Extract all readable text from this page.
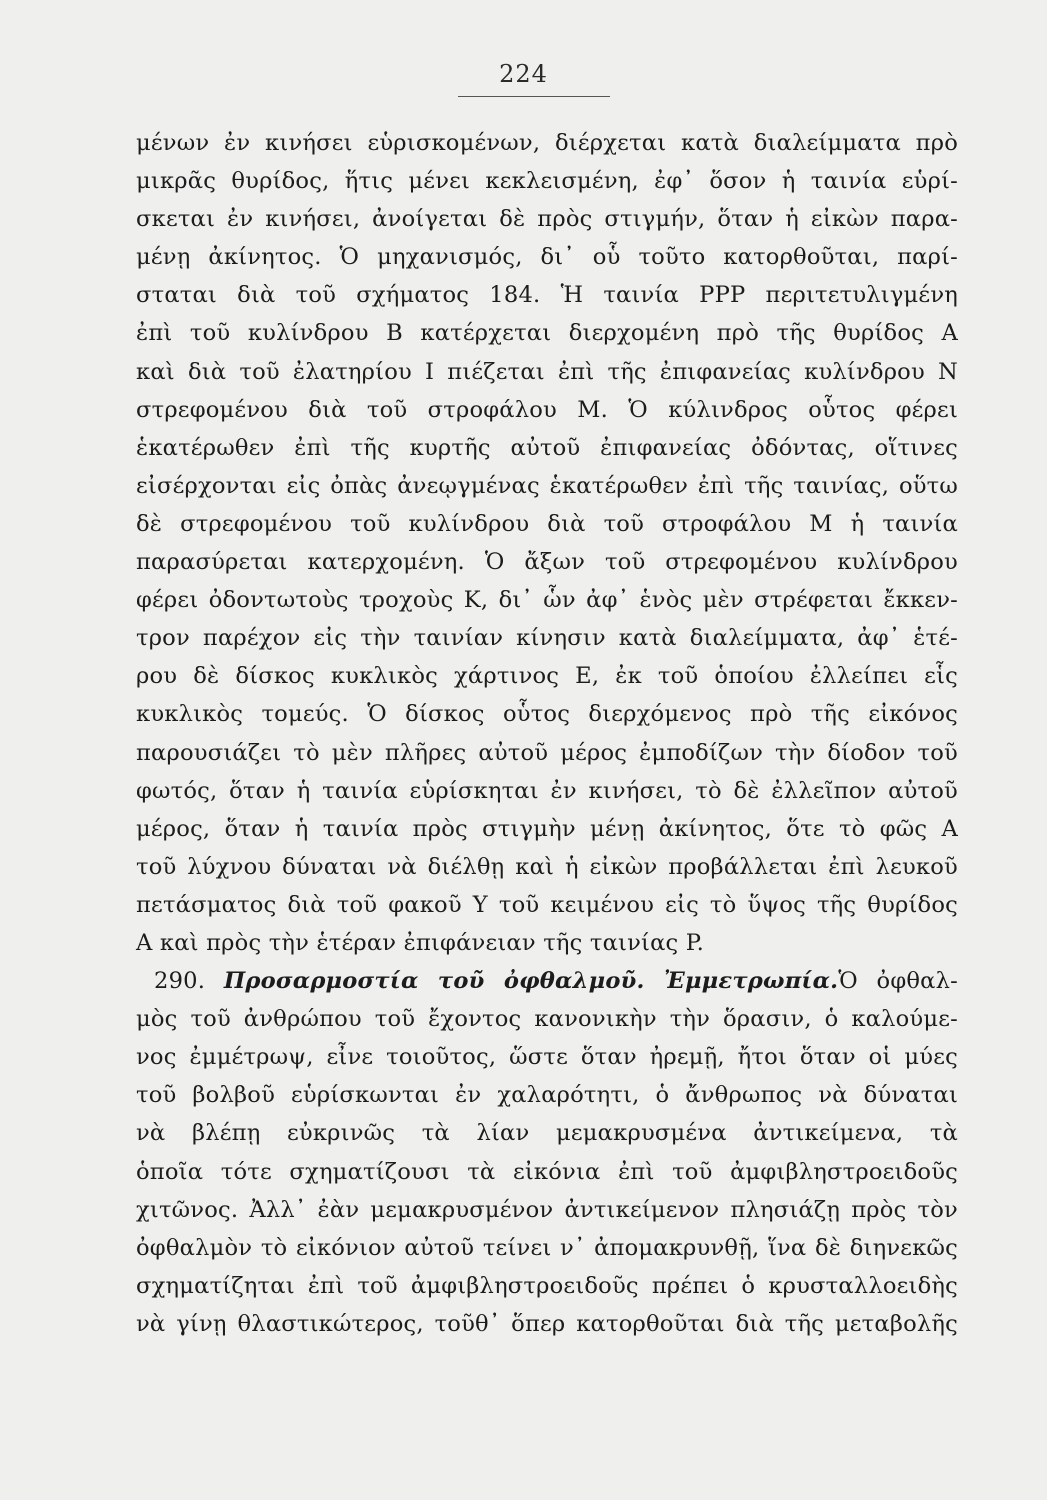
224
μένων ἐν κινήσει εὑρισκομένων, διέρχεται κατὰ διαλείμματα πρὸ
μικρᾶς θυρίδος, ἥτις μένει κεκλεισμένη, ἐφ᾿ ὅσον ἡ ταινία εὑρί-
σκεται ἐν κινήσει, ἀνοίγεται δὲ πρὸς στιγμήν, ὅταν ἡ εἰκὼν παρα-
μένῃ ἀκίνητος. Ὁ μηχανισμός, δι᾿ οὗ τοῦτο κατορθοῦται, παρί-
σταται διὰ τοῦ σχήματος 184. Ἡ ταινία PPP περιτετυλιγμένη
ἐπὶ τοῦ κυλίνδρου B κατέρχεται διερχομένη πρὸ τῆς θυρίδος A
καὶ διὰ τοῦ ἐλατηρίου I πιέζεται ἐπὶ τῆς ἐπιφανείας κυλίνδρου N
στρεφομένου διὰ τοῦ στροφάλου M. Ὁ κύλινδρος οὗτος φέρει
ἑκατέρωθεν ἐπὶ τῆς κυρτῆς αὐτοῦ ἐπιφανείας ὀδόντας, οἵτινες
εἰσέρχονται εἰς ὀπὰς ἀνεῳγμένας ἑκατέρωθεν ἐπὶ τῆς ταινίας, οὕτω
δὲ στρεφομένου τοῦ κυλίνδρου διὰ τοῦ στροφάλου M ἡ ταινία
παρασύρεται κατερχομένη. Ὁ ἄξων τοῦ στρεφομένου κυλίνδρου
φέρει ὀδοντωτοὺς τροχοὺς K, δι᾿ ὧν ἀφ᾿ ἑνὸς μὲν στρέφεται ἔκκεν-
τρον παρέχον εἰς τὴν ταινίαν κίνησιν κατὰ διαλείμματα, ἀφ᾿ ἑτέ-
ρου δὲ δίσκος κυκλικὸς χάρτινος E, ἐκ τοῦ ὁποίου ἐλλείπει εἷς
κυκλικὸς τομεύς. Ὁ δίσκος οὗτος διερχόμενος πρὸ τῆς εἰκόνος
παρουσιάζει τὸ μὲν πλῆρες αὐτοῦ μέρος ἐμποδίζων τὴν δίοδον τοῦ
φωτός, ὅταν ἡ ταινία εὑρίσκηται ἐν κινήσει, τὸ δὲ ἐλλεῖπον αὐτοῦ
μέρος, ὅταν ἡ ταινία πρὸς στιγμὴν μένῃ ἀκίνητος, ὅτε τὸ φῶς A
τοῦ λύχνου δύναται νὰ διέλθῃ καὶ ἡ εἰκὼν προβάλλεται ἐπὶ λευκοῦ
πετάσματος διὰ τοῦ φακοῦ Υ τοῦ κειμένου εἰς τὸ ὕψος τῆς θυρίδος
A καὶ πρὸς τὴν ἑτέραν ἐπιφάνειαν τῆς ταινίας P.
290. Προσαρμοστία τοῦ ὀφθαλμοῦ. Ἐμμετρωπία.Ὁ ὀφθαλ-
μὸς τοῦ ἀνθρώπου τοῦ ἔχοντος κανονικὴν τὴν ὅρασιν, ὁ καλούμε-
νος ἐμμέτρωψ, εἶνε τοιοῦτος, ὥστε ὅταν ἠρεμῇ, ἤτοι ὅταν οἱ μύες
τοῦ βολβοῦ εὑρίσκωνται ἐν χαλαρότητι, ὁ ἄνθρωπος νὰ δύναται
νὰ βλέπῃ εὐκρινῶς τὰ λίαν μεμακρυσμένα ἀντικείμενα, τὰ
ὁποῖα τότε σχηματίζουσι τὰ εἰκόνια ἐπὶ τοῦ ἀμφιβληστροειδοῦς
χιτῶνος. Ἀλλ᾿ ἐὰν μεμακρυσμένον ἀντικείμενον πλησιάζῃ πρὸς τὸν
ὀφθαλμὸν τὸ εἰκόνιον αὐτοῦ τείνει ν᾿ ἀπομακρυνθῇ, ἵνα δὲ διηνεκῶς
σχηματίζηται ἐπὶ τοῦ ἀμφιβληστροειδοῦς πρέπει ὁ κρυσταλλοειδὴς
νὰ γίνῃ θλαστικώτερος, τοῦθ᾿ ὅπερ κατορθοῦται διὰ τῆς μεταβολῆς
